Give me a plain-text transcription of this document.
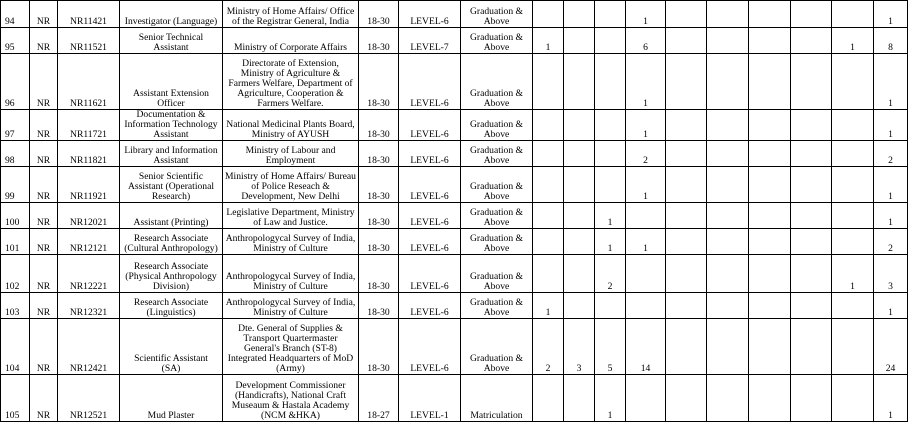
94	NR	NR11421	Investigator (Language)	Ministry of Home Affairs/ Office
of the Registrar General, India	18-30	LEVEL-6	Graduation &
Above				1						1
95	NR	NR11521	Senior Technical
Assistant	Ministry of Corporate Affairs	18-30	LEVEL-7	Graduation &
Above	1			6					1	8
96	NR	NR11621	Assistant Extension
Officer	Directorate of Extension,
Ministry of Agriculture &
Farmers Welfare, Department of
Agriculture, Cooperation &
Farmers Welfare.	18-30	LEVEL-6	Graduation &
Above				1						1
97	NR	NR11721	Documentation &
Information Technology
Assistant	National Medicinal Plants Board,
Ministry of AYUSH	18-30	LEVEL-6	Graduation &
Above				1						1
98	NR	NR11821	Library and Information
Assistant	Ministry of Labour and
Employment	18-30	LEVEL-6	Graduation &
Above				2						2
99	NR	NR11921	Senior Scientific
Assistant (Operational
Research)	Ministry of Home Affairs/ Bureau
of Police Reseach &
Development, New Delhi	18-30	LEVEL-6	Graduation &
Above				1						1
100	NR	NR12021	Assistant (Printing)	Legislative Department, Ministry
of Law and Justice.	18-30	LEVEL-6	Graduation &
Above			1							1
101	NR	NR12121	Research Associate
(Cultural Anthropology)	Anthropologycal Survey of India,
Ministry of Culture	18-30	LEVEL-6	Graduation &
Above			1	1						2
102	NR	NR12221	Research Associate
(Physical Anthropology
Division)	Anthropologycal Survey of India,
Ministry of Culture	18-30	LEVEL-6	Graduation &
Above			2						1	3
103	NR	NR12321	Research Associate
(Linguistics)	Anthropologycal Survey of India,
Ministry of Culture	18-30	LEVEL-6	Graduation &
Above	1									1
104	NR	NR12421	Scientific Assistant
(SA)	Dte. General of Supplies &
Transport Quartermaster
General's Branch (ST-8)
Integrated Headquarters of MoD
(Army)	18-30	LEVEL-6	Graduation &
Above	2	3	5	14						24
105	NR	NR12521	Mud Plaster	Development Commissioner
(Handicrafts), National Craft
Museaum & Hastala Academy
(NCM &HKA)	18-27	LEVEL-1	Matriculation			1							1
